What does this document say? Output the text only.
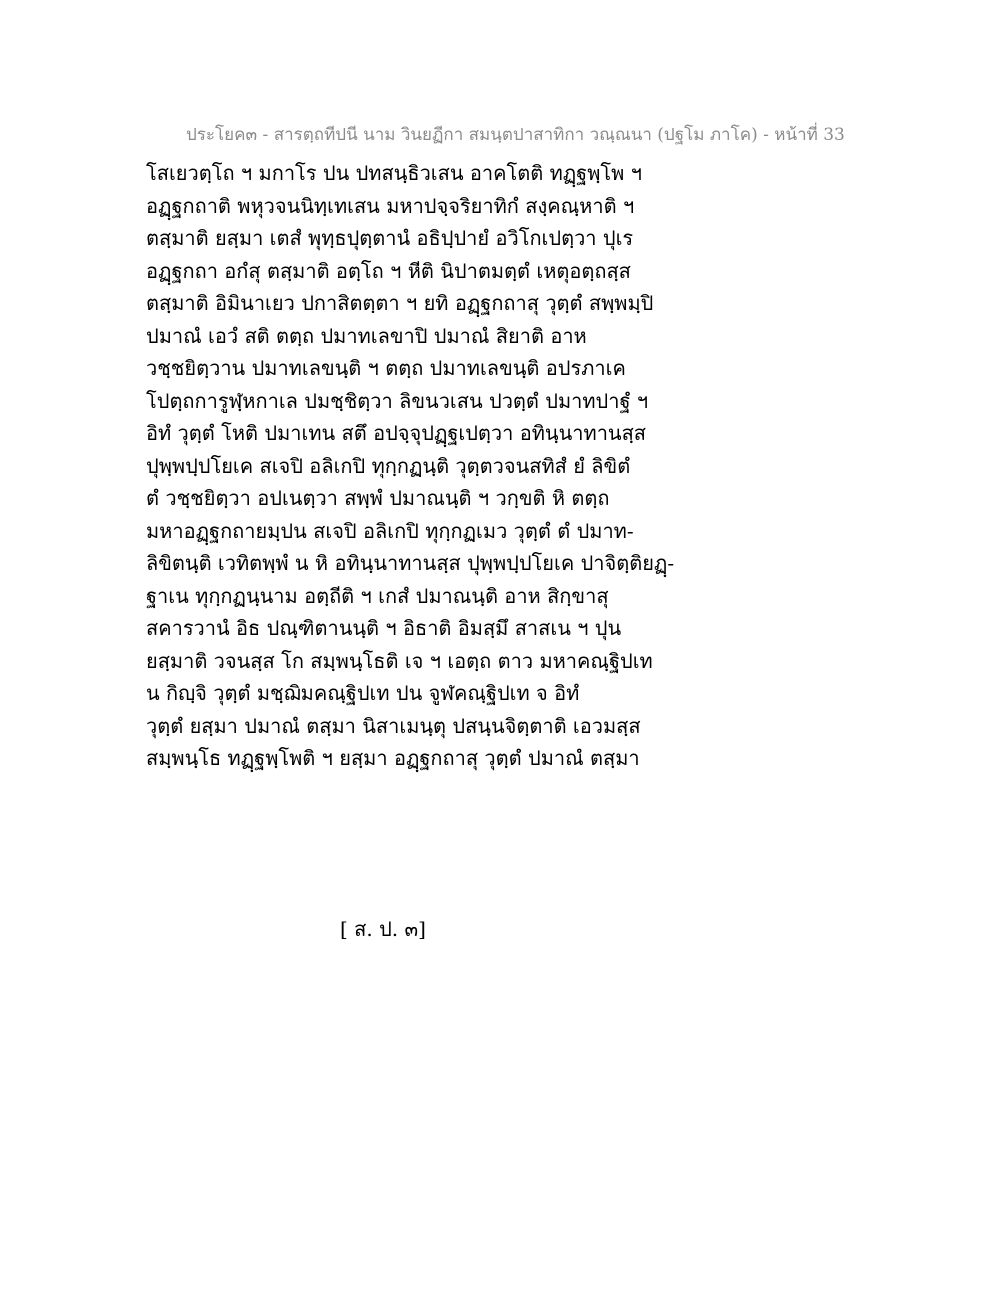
ประโยค๓ - สารตฺถทีปนี นาม วินยฏีกา สมนฺตปาสาทิกา วณฺณนา (ปฐโม ภาโค) - หน้าที่ 33
โสเยวตฺโถ ฯ มกาโร ปน ปทสนฺธิวเสน อาคโตติ ทฏฺฐพฺโพ ฯ
อฏฺฐกถาติ พหุวจนนิทฺเทเสน มหาปจฺจริยาทิกํ สงฺคณฺหาติ ฯ
ตสฺมาติ ยสฺมา เตสํ พุทฺธปุตฺตานํ อธิปฺปายํ อวิโกเปตฺวา ปุเร
อฏฺฐกถา อกํสุ ตสฺมาติ อตฺโถ ฯ หีติ นิปาตมตฺตํ เหตุอตฺถสฺส
ตสฺมาติ อิมินาเยว ปกาสิตตฺตา ฯ ยทิ อฏฺฐกถาสุ วุตฺตํ สพฺพมฺปิ
ปมาณํ เอวํ สติ ตตฺถ ปมาทเลขาปิ ปมาณํ สิยาติ อาห
วชฺชยิตฺวาน ปมาทเลขนฺติ ฯ ตตฺถ ปมาทเลขนฺติ อปรภาเค
โปตฺถการูฬฺหกาเล ปมชฺชิตฺวา ลิขนวเสน ปวตฺตํ ปมาทปาฐํ ฯ
อิทํ วุตฺตํ โหติ ปมาเทน สตึ อปจฺจุปฏฺฐเปตฺวา อทินฺนาทานสฺส
ปุพฺพปฺปโยเค สเจปิ อลิเกปิ ทุกฺกฏนฺติ วุตฺตวจนสทิสํ ยํ ลิขิตํ
ตํ วชฺชยิตฺวา อปเนตฺวา สพฺพํ ปมาณนฺติ ฯ วกฺขติ หิ ตตฺถ
มหาอฏฺฐกถายมฺปน สเจปิ อลิเกปิ ทุกฺกฏเมว วุตฺตํ ตํ ปมาท-
ลิขิตนฺติ เวทิตพฺพํ น หิ อทินฺนาทานสฺส ปุพฺพปฺปโยเค ปาจิตฺติยฏฺ-
ฐาเน ทุกฺกฏนฺนาม อตฺถีติ ฯ เกสํ ปมาณนฺติ อาห สิกฺขาสุ
สคารวานํ อิธ ปณฺฑิตานนฺติ ฯ อิธาติ อิมสฺมึ สาสเน ฯ ปุน
ยสฺมาติ วจนสฺส โก สมฺพนฺโธติ เจ ฯ เอตฺถ ตาว มหาคณฺฐิปเท
น กิญฺจิ วุตฺตํ มชฺฌิมคณฺฐิปเท ปน จูฬคณฺฐิปเท จ อิทํ
วุตฺตํ ยสฺมา ปมาณํ ตสฺมา นิสาเมนฺตุ ปสนฺนจิตฺตาติ เอวมสฺส
สมฺพนฺโธ ทฏฺฐพฺโพติ ฯ ยสฺมา อฏฺฐกถาสุ วุตฺตํ ปมาณํ ตสฺมา
[ ส. ป. ๓]
